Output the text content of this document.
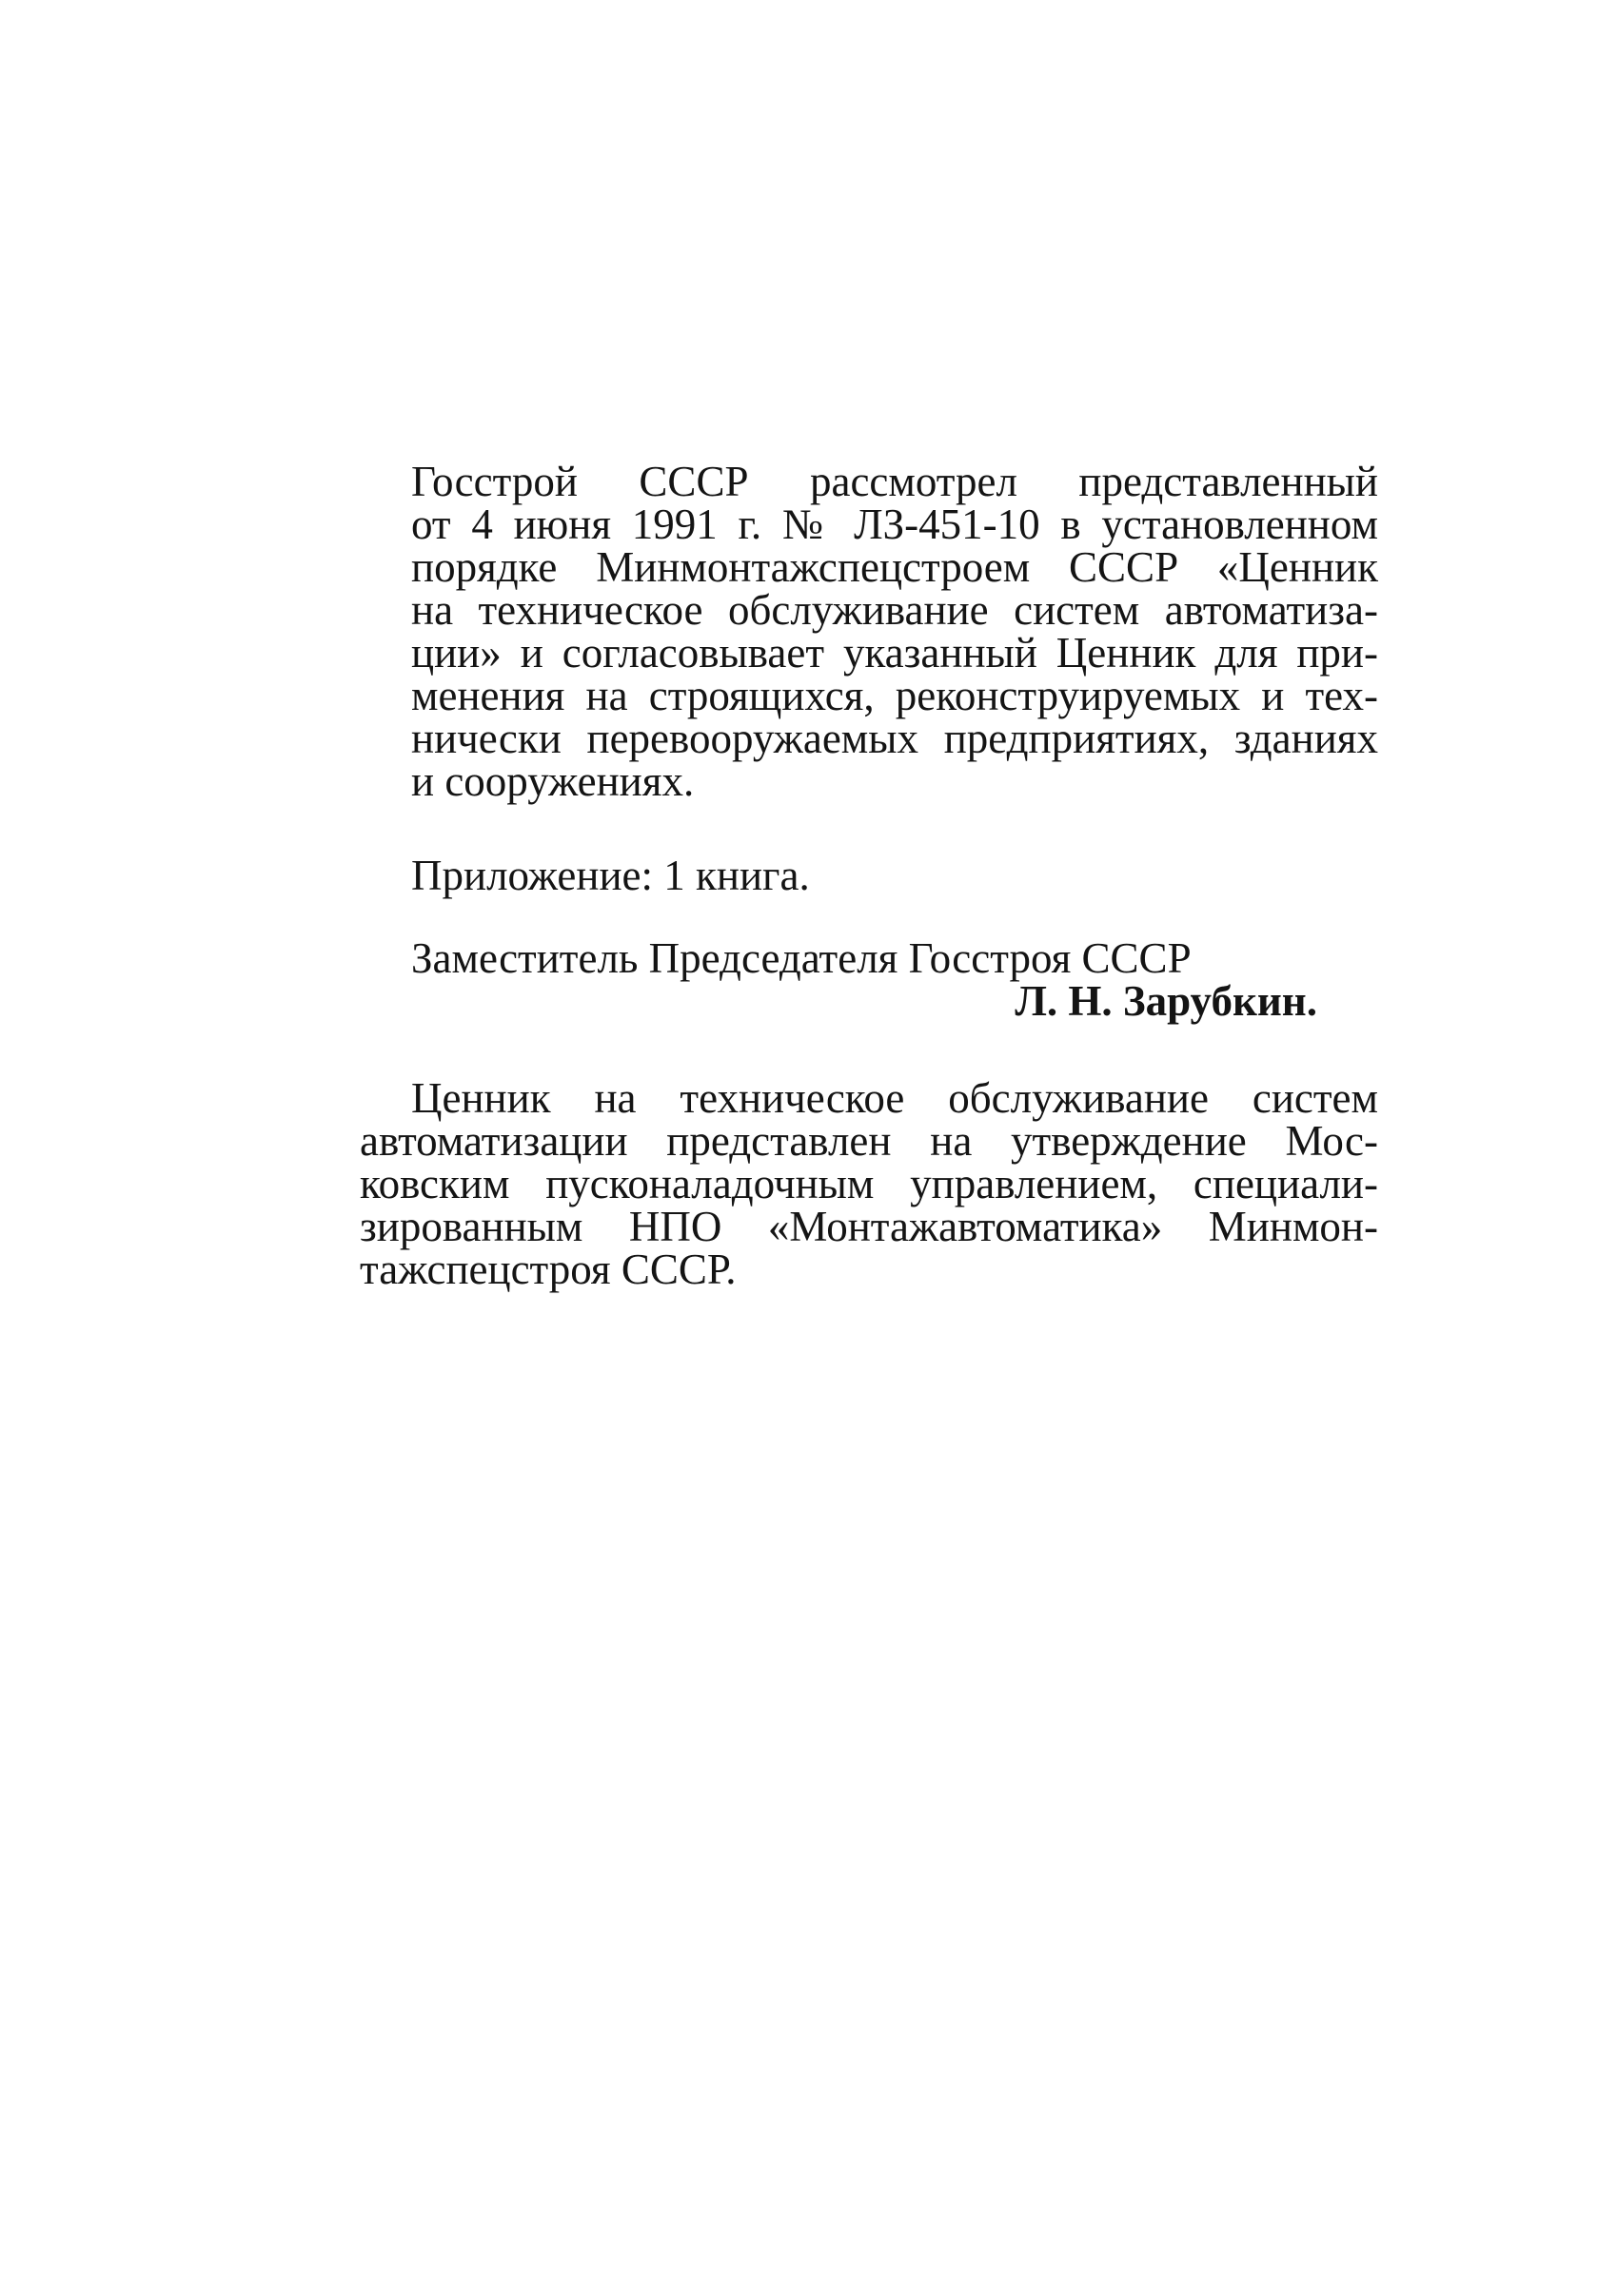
Госстрой СССР рассмотрел представленный
от 4 июня 1991 г. № ЛЗ-451-10 в установленном
порядке Минмонтажспецстроем СССР «Ценник
на техническое обслуживание систем автоматиза-
ции» и согласовывает указанный Ценник для при-
менения на строящихся, реконструируемых и тех-
нически перевооружаемых предприятиях, зданиях
и сооружениях.
Приложение: 1 книга.
Заместитель Председателя Госстроя СССР
Л. Н. Зарубкин.
Ценник на техническое обслуживание систем
автоматизации представлен на утверждение Мос-
ковским пусконаладочным управлением, специали-
зированным НПО «Монтажавтоматика» Минмон-
тажспецстроя СССР.
